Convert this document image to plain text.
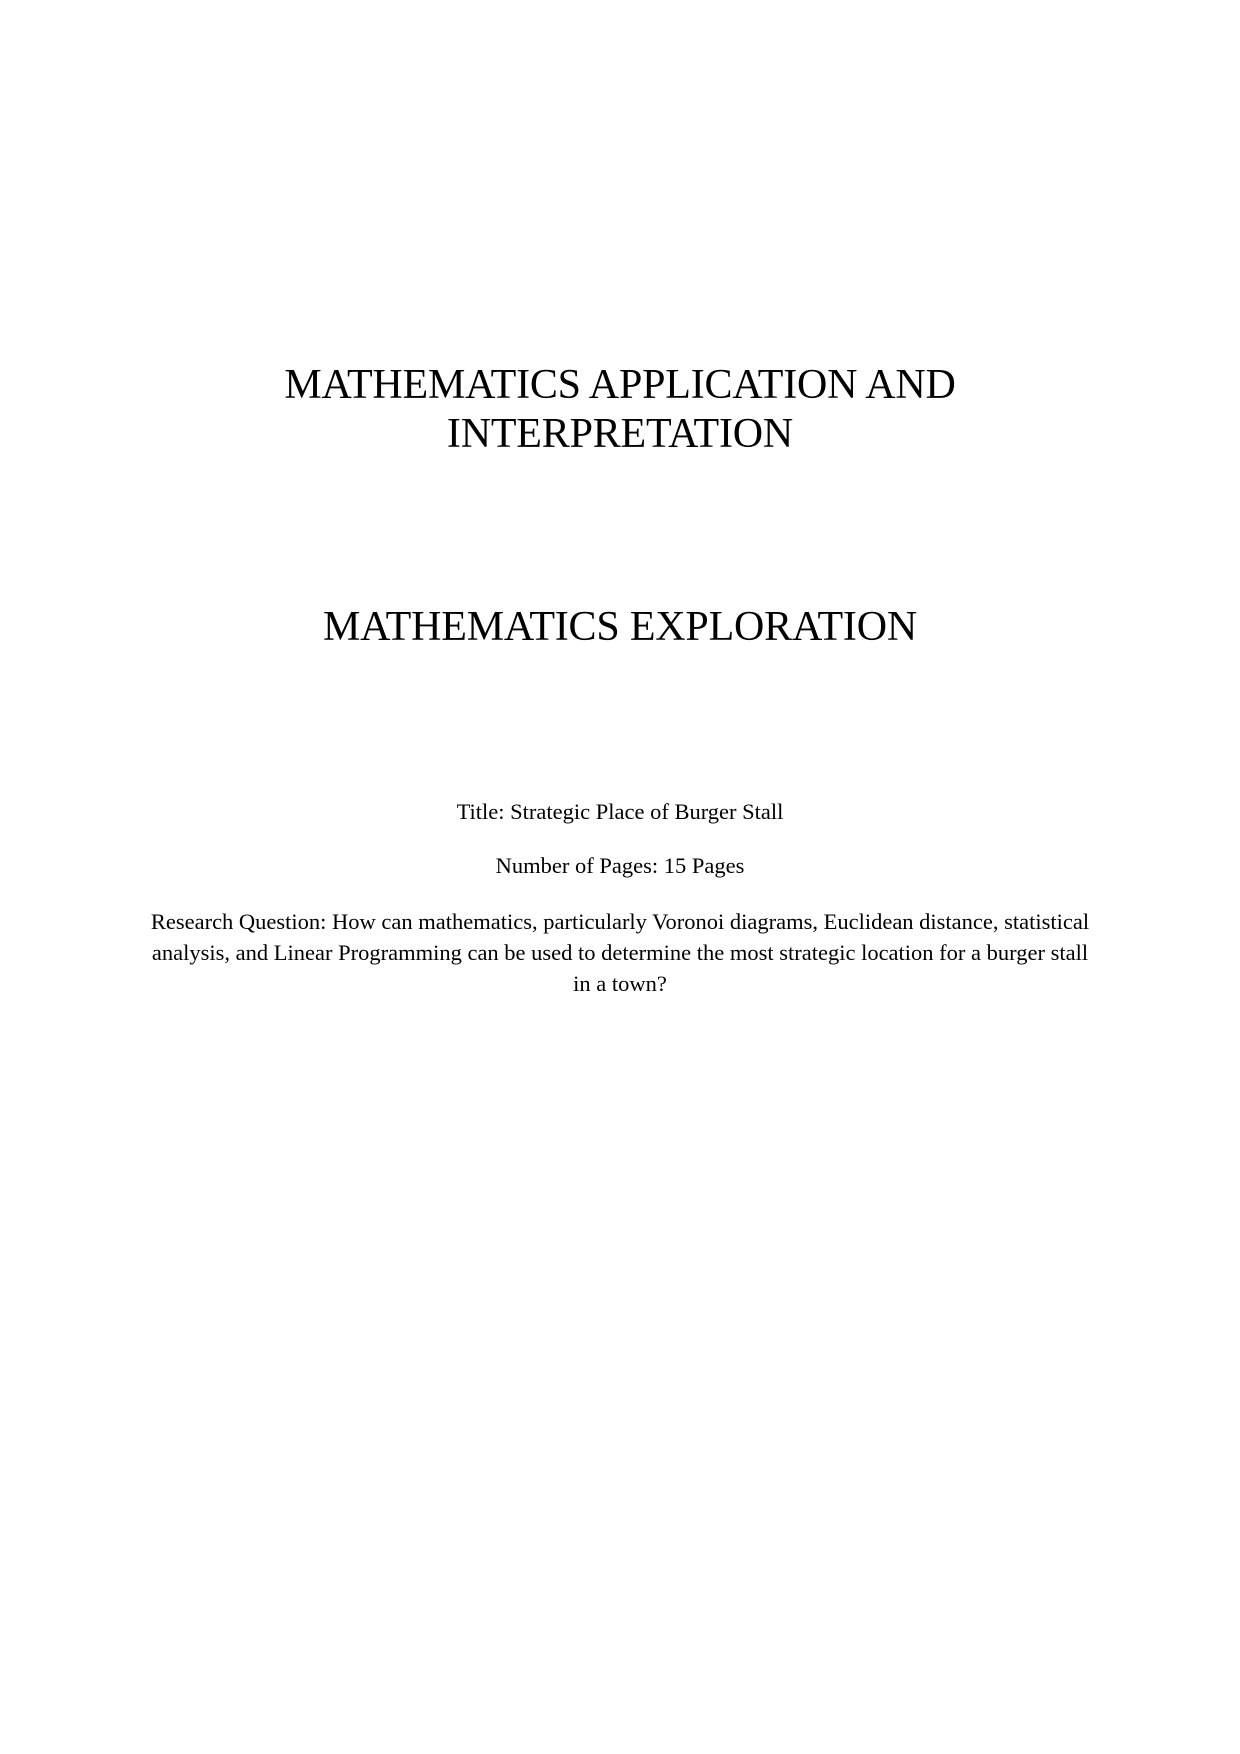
MATHEMATICS APPLICATION AND
INTERPRETATION
MATHEMATICS EXPLORATION

Title: Strategic Place of Burger Stall

Number of Pages: 15 Pages

Research Question: How can mathematics, particularly Voronoi diagrams, Euclidean distance, statistical analysis, and Linear Programming can be used to determine the most strategic location for a burger stall in a town?
